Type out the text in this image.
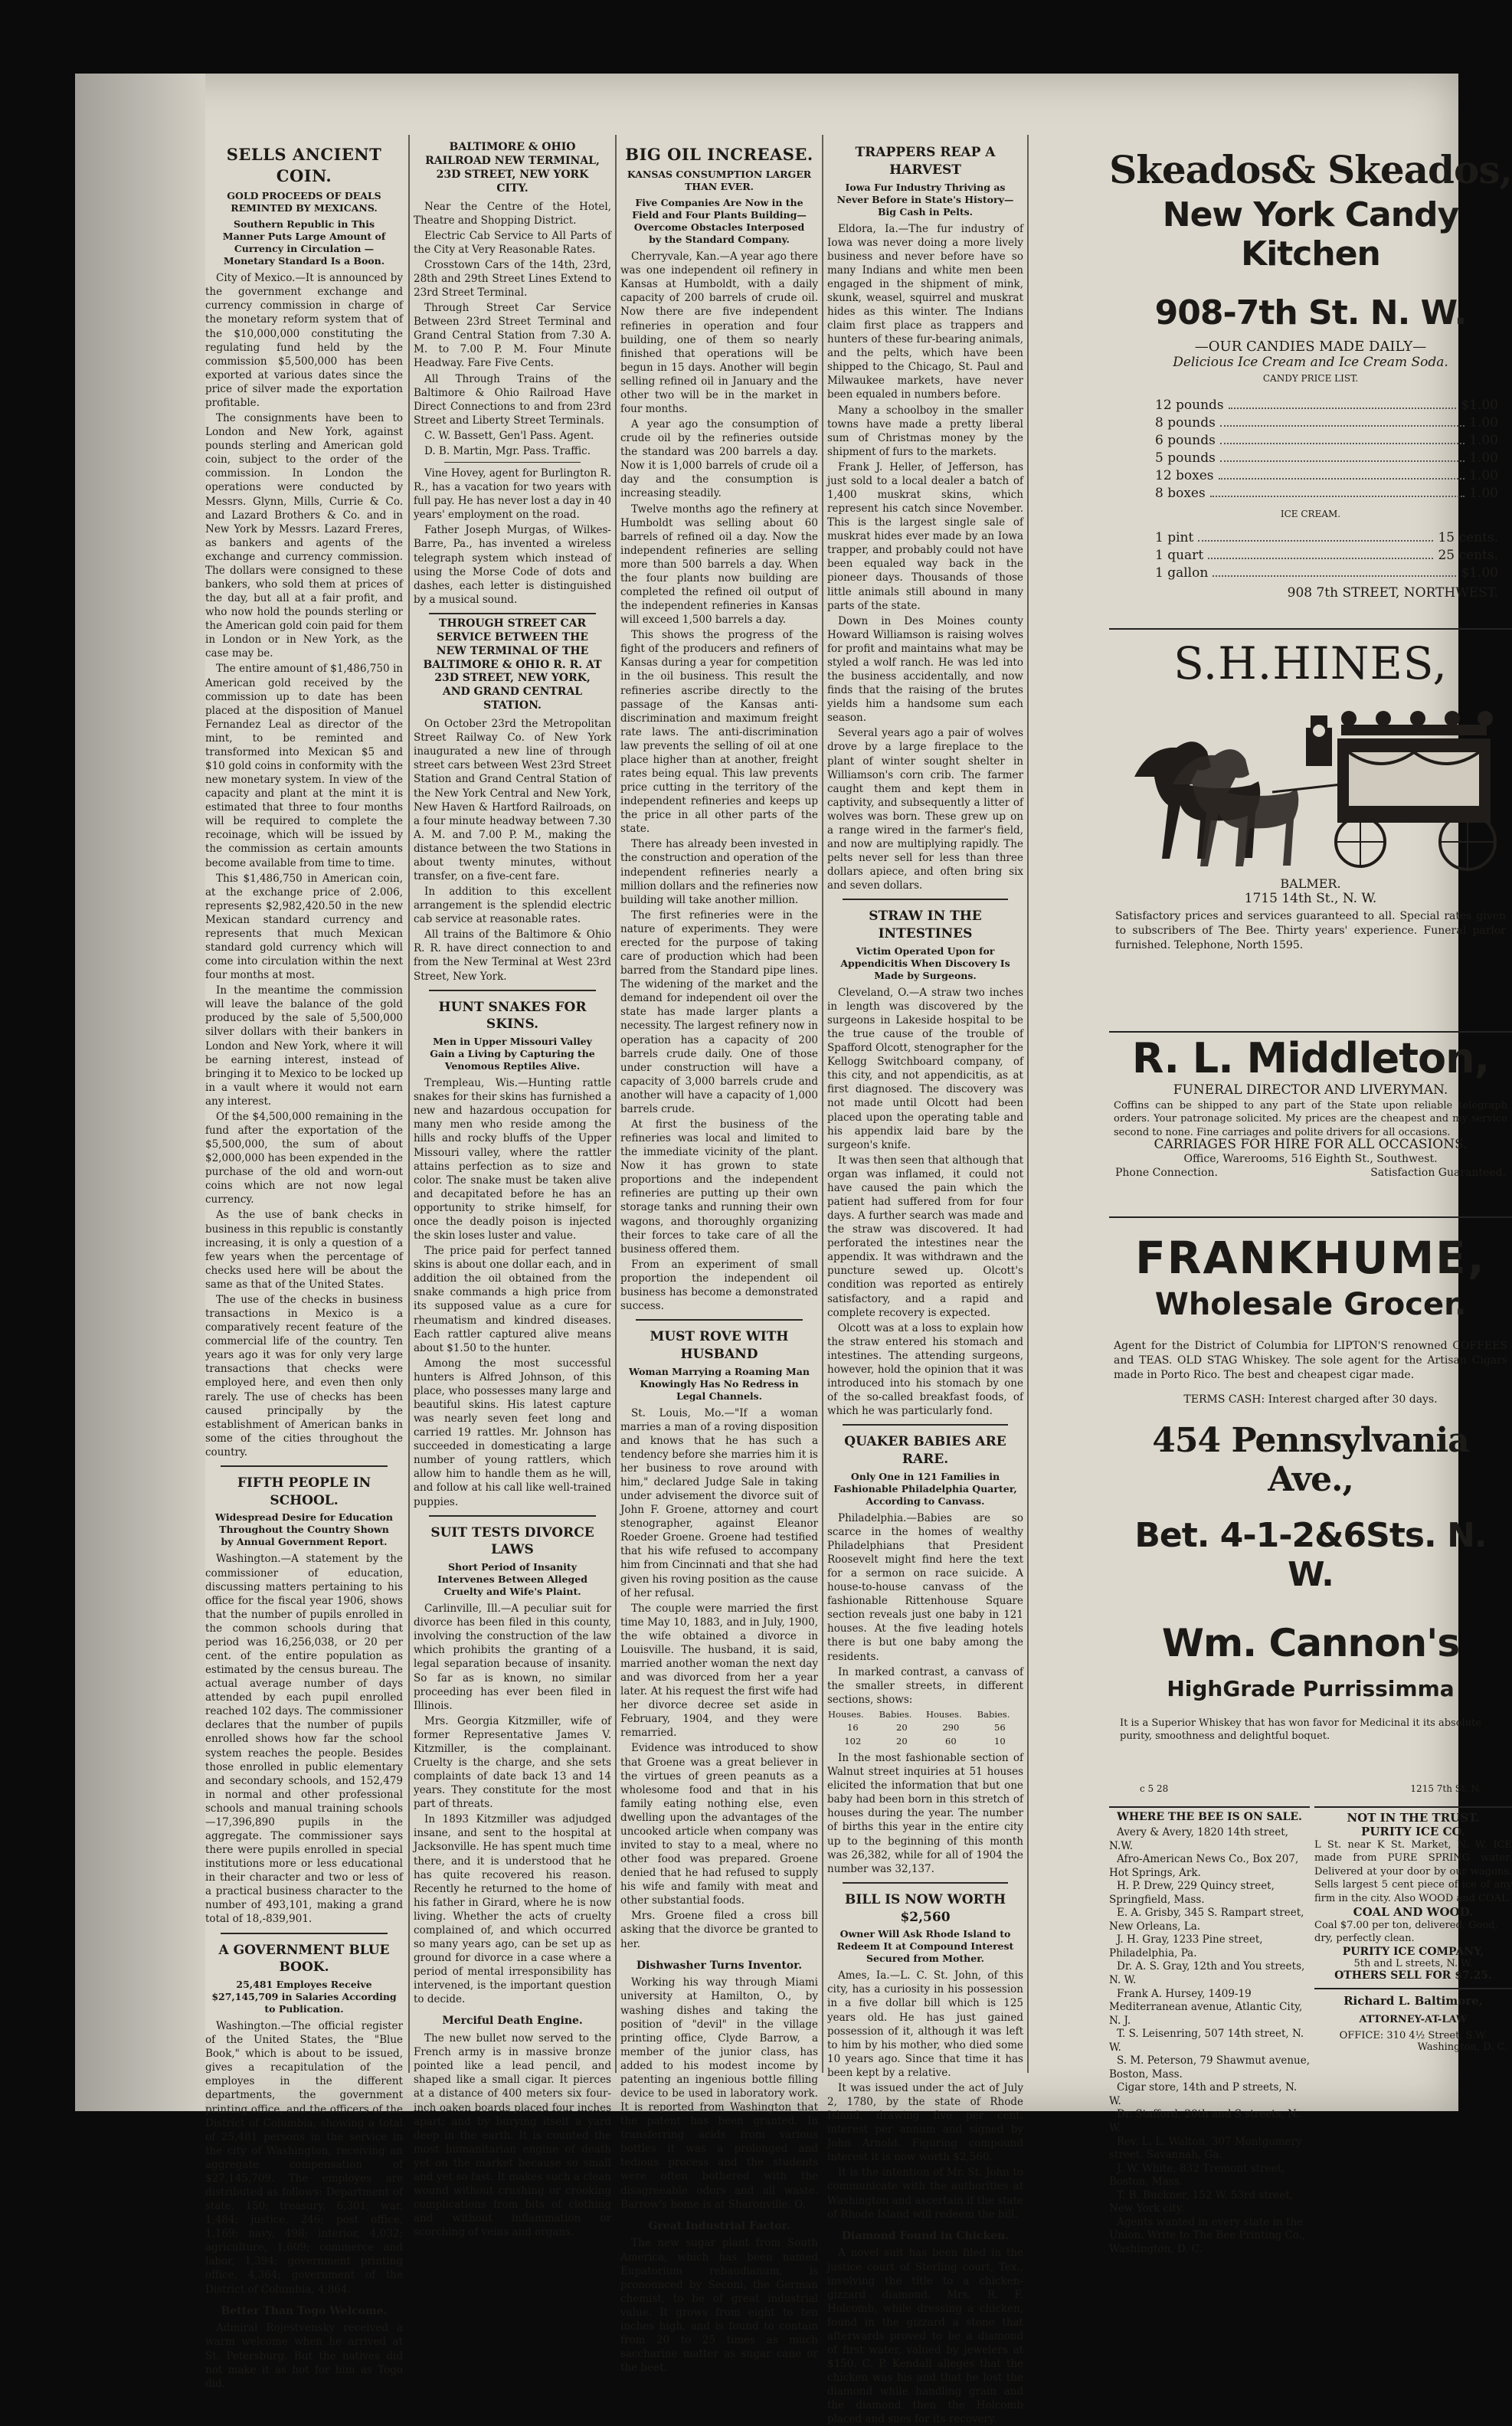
SELLS ANCIENT COIN.
GOLD PROCEEDS OF DEALS REMINTED BY MEXICANS.
Southern Republic in This Manner Puts Large Amount of Currency in Circulation — Monetary Standard Is a Boon.

City of Mexico.—It is announced by the government exchange and currency commission in charge of the monetary reform system that of the $10,000,000 constituting the regulating fund held by the commission $5,500,000 has been exported at various dates since the price of silver made the exportation profitable.

The consignments have been to London and New York, against pounds sterling and American gold coin, subject to the order of the commission. In London the operations were conducted by Messrs. Glynn, Mills, Currie & Co. and Lazard Brothers & Co. and in New York by Messrs. Lazard Freres, as bankers and agents of the exchange and currency commission. The dollars were consigned to these bankers, who sold them at prices of the day, but all at a fair profit, and who now hold the pounds sterling or the American gold coin paid for them in London or in New York, as the case may be.

The entire amount of $1,486,750 in American gold received by the commission up to date has been placed at the disposition of Manuel Fernandez Leal as director of the mint, to be reminted and transformed into Mexican $5 and $10 gold coins in conformity with the new monetary system. In view of the capacity and plant at the mint it is estimated that three to four months will be required to complete the recoinage, which will be issued by the commission as certain amounts become available from time to time.

This $1,486,750 in American coin, at the exchange price of 2.006, represents $2,982,420.50 in the new Mexican standard currency and represents that much Mexican standard gold currency which will come into circulation within the next four months at most.

In the meantime the commission will leave the balance of the gold produced by the sale of 5,500,000 silver dollars with their bankers in London and New York, where it will be earning interest, instead of bringing it to Mexico to be locked up in a vault where it would not earn any interest.

Of the $4,500,000 remaining in the fund after the exportation of the $5,500,000, the sum of about $2,000,000 has been expended in the purchase of the old and worn-out coins which are not now legal currency.

As the use of bank checks in business in this republic is constantly increasing, it is only a question of a few years when the percentage of checks used here will be about the same as that of the United States.

The use of the checks in business transactions in Mexico is a comparatively recent feature of the commercial life of the country. Ten years ago it was for only very large transactions that checks were employed here, and even then only rarely. The use of checks has been caused principally by the establishment of American banks in some of the cities throughout the country.

FIFTH PEOPLE IN SCHOOL.
Widespread Desire for Education Throughout the Country Shown by Annual Government Report.

Washington.—A statement by the commissioner of education, discussing matters pertaining to his office for the fiscal year 1906, shows that the number of pupils enrolled in the common schools during that period was 16,256,038, or 20 per cent. of the entire population as estimated by the census bureau. The actual average number of days attended by each pupil enrolled reached 102 days. The commissioner declares that the number of pupils enrolled shows how far the school system reaches the people. Besides those enrolled in public elementary and secondary schools, and 152,479 in normal and other professional schools and manual training schools —17,396,890 pupils in the aggregate. The commissioner says there were pupils enrolled in special institutions more or less educational in their character and two or less of a practical business character to the number of 493,101, making a grand total of 18,-839,901.

A GOVERNMENT BLUE BOOK.
25,481 Employes Receive $27,145,709 in Salaries According to Publication.

Washington.—The official register of the United States, the "Blue Book," which is about to be issued, gives a recapitulation of the employes in the different departments, the government printing office, and the officers of the District of Columbia, showing a total of 25,481 persons in the service in the city of Washington, receiving an aggregate compensation of $27,145,709. The employes are distributed as follows: Department of state, 150; treasury, 6,301; war, 1,484; justice, 246; post office, 1,169; navy, 498; interior, 4,032; agriculture, 1,609; commerce and labor, 1,394; government printing office, 4,364; government of the District of Columbia, 4,864.

Better Than Togo Welcome.

Admiral Rojestvensky received a warm welcome when he arrived at St. Petersburg. But the natives did not make it as hot for him as Togo did.

BALTIMORE & OHIO RAILROAD NEW TERMINAL, 23D STREET, NEW YORK CITY.

Near the Centre of the Hotel, Theatre and Shopping District.

Electric Cab Service to All Parts of the City at Very Reasonable Rates.

Crosstown Cars of the 14th, 23rd, 28th and 29th Street Lines Extend to 23rd Street Terminal.

Through Street Car Service Between 23rd Street Terminal and Grand Central Station from 7.30 A. M. to 7.00 P. M. Four Minute Headway. Fare Five Cents.

All Through Trains of the Baltimore & Ohio Railroad Have Direct Connections to and from 23rd Street and Liberty Street Terminals.

C. W. Bassett, Gen'l Pass. Agent.

D. B. Martin, Mgr. Pass. Traffic.

Vine Hovey, agent for Burlington R. R., has a vacation for two years with full pay. He has never lost a day in 40 years' employment on the road.

Father Joseph Murgas, of Wilkes-Barre, Pa., has invented a wireless telegraph system which instead of using the Morse Code of dots and dashes, each letter is distinguished by a musical sound.

THROUGH STREET CAR SERVICE BETWEEN THE NEW TERMINAL OF THE BALTIMORE & OHIO R. R. AT 23D STREET, NEW YORK, AND GRAND CENTRAL STATION.

On October 23rd the Metropolitan Street Railway Co. of New York inaugurated a new line of through street cars between West 23rd Street Station and Grand Central Station of the New York Central and New York, New Haven & Hartford Railroads, on a four minute headway between 7.30 A. M. and 7.00 P. M., making the distance between the two Stations in about twenty minutes, without transfer, on a five-cent fare.

In addition to this excellent arrangement is the splendid electric cab service at reasonable rates.

All trains of the Baltimore & Ohio R. R. have direct connection to and from the New Terminal at West 23rd Street, New York.

HUNT SNAKES FOR SKINS.
Men in Upper Missouri Valley Gain a Living by Capturing the Venomous Reptiles Alive.

Trempleau, Wis.—Hunting rattle snakes for their skins has furnished a new and hazardous occupation for many men who reside among the hills and rocky bluffs of the Upper Missouri valley, where the rattler attains perfection as to size and color. The snake must be taken alive and decapitated before he has an opportunity to strike himself, for once the deadly poison is injected the skin loses luster and value.

The price paid for perfect tanned skins is about one dollar each, and in addition the oil obtained from the snake commands a high price from its supposed value as a cure for rheumatism and kindred diseases. Each rattler captured alive means about $1.50 to the hunter.

Among the most successful hunters is Alfred Johnson, of this place, who possesses many large and beautiful skins. His latest capture was nearly seven feet long and carried 19 rattles. Mr. Johnson has succeeded in domesticating a large number of young rattlers, which allow him to handle them as he will, and follow at his call like well-trained puppies.

SUIT TESTS DIVORCE LAWS
Short Period of Insanity Intervenes Between Alleged Cruelty and Wife's Plaint.

Carlinville, Ill.—A peculiar suit for divorce has been filed in this county, involving the construction of the law which prohibits the granting of a legal separation because of insanity. So far as is known, no similar proceeding has ever been filed in Illinois.

Mrs. Georgia Kitzmiller, wife of former Representative James V. Kitzmiller, is the complainant. Cruelty is the charge, and she sets complaints of date back 13 and 14 years. They constitute for the most part of threats.

In 1893 Kitzmiller was adjudged insane, and sent to the hospital at Jacksonville. He has spent much time there, and it is understood that he has quite recovered his reason. Recently he returned to the home of his father in Girard, where he is now living. Whether the acts of cruelty complained of, and which occurred so many years ago, can be set up as ground for divorce in a case where a period of mental irresponsibility has intervened, is the important question to decide.

Merciful Death Engine.

The new bullet now served to the French army is in massive bronze pointed like a lead pencil, and shaped like a small cigar. It pierces at a distance of 400 meters six four-inch oaken boards placed four inches apart; and by burying itself a yard deep in the earth. It is counted the most humanitarian engine of death yet on the market because so small and yet so fast. It makes such a clean wound without crushing or crooking complications from bits of clothing and without inflammation or scorching of veins and organs.

BIG OIL INCREASE.
KANSAS CONSUMPTION LARGER THAN EVER.
Five Companies Are Now in the Field and Four Plants Building—Overcome Obstacles Interposed by the Standard Company.

Cherryvale, Kan.—A year ago there was one independent oil refinery in Kansas at Humboldt, with a daily capacity of 200 barrels of crude oil. Now there are five independent refineries in operation and four building, one of them so nearly finished that operations will be begun in 15 days. Another will begin selling refined oil in January and the other two will be in the market in four months.

A year ago the consumption of crude oil by the refineries outside the standard was 200 barrels a day. Now it is 1,000 barrels of crude oil a day and the consumption is increasing steadily.

Twelve months ago the refinery at Humboldt was selling about 60 barrels of refined oil a day. Now the independent refineries are selling more than 500 barrels a day. When the four plants now building are completed the refined oil output of the independent refineries in Kansas will exceed 1,500 barrels a day.

This shows the progress of the fight of the producers and refiners of Kansas during a year for competition in the oil business. This result the refineries ascribe directly to the passage of the Kansas anti-discrimination and maximum freight rate laws. The anti-discrimination law prevents the selling of oil at one place higher than at another, freight rates being equal. This law prevents price cutting in the territory of the independent refineries and keeps up the price in all other parts of the state.

There has already been invested in the construction and operation of the independent refineries nearly a million dollars and the refineries now building will take another million.

The first refineries were in the nature of experiments. They were erected for the purpose of taking care of production which had been barred from the Standard pipe lines. The widening of the market and the demand for independent oil over the state has made larger plants a necessity. The largest refinery now in operation has a capacity of 200 barrels crude daily. One of those under construction will have a capacity of 3,000 barrels crude and another will have a capacity of 1,000 barrels crude.

At first the business of the refineries was local and limited to the immediate vicinity of the plant. Now it has grown to state proportions and the independent refineries are putting up their own storage tanks and running their own wagons, and thoroughly organizing their forces to take care of all the business offered them.

From an experiment of small proportion the independent oil business has become a demonstrated success.

MUST ROVE WITH HUSBAND
Woman Marrying a Roaming Man Knowingly Has No Redress in Legal Channels.

St. Louis, Mo.—"If a woman marries a man of a roving disposition and knows that he has such a tendency before she marries him it is her business to rove around with him," declared Judge Sale in taking under advisement the divorce suit of John F. Groene, attorney and court stenographer, against Eleanor Roeder Groene. Groene had testified that his wife refused to accompany him from Cincinnati and that she had given his roving position as the cause of her refusal.

The couple were married the first time May 10, 1883, and in July, 1900, the wife obtained a divorce in Louisville. The husband, it is said, married another woman the next day and was divorced from her a year later. At his request the first wife had her divorce decree set aside in February, 1904, and they were remarried.

Evidence was introduced to show that Groene was a great believer in the virtues of green peanuts as a wholesome food and that in his family eating nothing else, even dwelling upon the advantages of the uncooked article when company was invited to stay to a meal, where no other food was prepared. Groene denied that he had refused to supply his wife and family with meat and other substantial foods.

Mrs. Groene filed a cross bill asking that the divorce be granted to her.

Dishwasher Turns Inventor.

Working his way through Miami university at Hamilton, O., by washing dishes and taking the position of "devil" in the village printing office, Clyde Barrow, a member of the junior class, has added to his modest income by patenting an ingenious bottle filling device to be used in laboratory work. It is reported from Washington that the patent has been granted. In transferring acids from various bottles it was a prolonged and tedious process and the students were often bothered with the disagreeable odors and all waste. Barrow's home is at Sharonville, O.

Great Industrial Factor.

The new sugar plant from South America, which has been named Eupatorium rebaudianum, is pronounced by Seconi, the German chemist, to be of great industrial value. It grows from eight to ten inches high, and is found to contain from 20 to 25 times as much saccharine matter as sugar cane or the beet.

TRAPPERS REAP A HARVEST
Iowa Fur Industry Thriving as Never Before in State's History—Big Cash in Pelts.

Eldora, Ia.—The fur industry of Iowa was never doing a more lively business and never before have so many Indians and white men been engaged in the shipment of mink, skunk, weasel, squirrel and muskrat hides as this winter. The Indians claim first place as trappers and hunters of these fur-bearing animals, and the pelts, which have been shipped to the Chicago, St. Paul and Milwaukee markets, have never been equaled in numbers before.

Many a schoolboy in the smaller towns have made a pretty liberal sum of Christmas money by the shipment of furs to the markets.

Frank J. Heller, of Jefferson, has just sold to a local dealer a batch of 1,400 muskrat skins, which represent his catch since November. This is the largest single sale of muskrat hides ever made by an Iowa trapper, and probably could not have been equaled way back in the pioneer days. Thousands of those little animals still abound in many parts of the state.

Down in Des Moines county Howard Williamson is raising wolves for profit and maintains what may be styled a wolf ranch. He was led into the business accidentally, and now finds that the raising of the brutes yields him a handsome sum each season.

Several years ago a pair of wolves drove by a large fireplace to the plant of winter sought shelter in Williamson's corn crib. The farmer caught them and kept them in captivity, and subsequently a litter of wolves was born. These grew up on a range wired in the farmer's field, and now are multiplying rapidly. The pelts never sell for less than three dollars apiece, and often bring six and seven dollars.

STRAW IN THE INTESTINES
Victim Operated Upon for Appendicitis When Discovery Is Made by Surgeons.

Cleveland, O.—A straw two inches in length was discovered by the surgeons in Lakeside hospital to be the true cause of the trouble of Spafford Olcott, stenographer for the Kellogg Switchboard company, of this city, and not appendicitis, as at first diagnosed. The discovery was not made until Olcott had been placed upon the operating table and his appendix laid bare by the surgeon's knife.

It was then seen that although that organ was inflamed, it could not have caused the pain which the patient had suffered from for four days. A further search was made and the straw was discovered. It had perforated the intestines near the appendix. It was withdrawn and the puncture sewed up. Olcott's condition was reported as entirely satisfactory, and a rapid and complete recovery is expected.

Olcott was at a loss to explain how the straw entered his stomach and intestines. The attending surgeons, however, hold the opinion that it was introduced into his stomach by one of the so-called breakfast foods, of which he was particularly fond.

QUAKER BABIES ARE RARE.
Only One in 121 Families in Fashionable Philadelphia Quarter, According to Canvass.

Philadelphia.—Babies are so scarce in the homes of wealthy Philadelphians that President Roosevelt might find here the text for a sermon on race suicide. A house-to-house canvass of the fashionable Rittenhouse Square section reveals just one baby in 121 houses. At the five leading hotels there is but one baby among the residents.

In marked contrast, a canvass of the smaller streets, in different sections, shows:

Houses.	Babies.	Houses.	Babies.
16	20	290	56
102	20	60	10

In the most fashionable section of Walnut street inquiries at 51 houses elicited the information that but one baby had been born in this stretch of houses during the year. The number of births this year in the entire city up to the beginning of this month was 26,382, while for all of 1904 the number was 32,137.

BILL IS NOW WORTH $2,560
Owner Will Ask Rhode Island to Redeem It at Compound Interest Secured from Mother.

Ames, Ia.—L. C. St. John, of this city, has a curiosity in his possession in a five dollar bill which is 125 years old. He has just gained possession of it, although it was left to him by his mother, who died some 10 years ago. Since that time it has been kept by a relative.

It was issued under the act of July 2, 1780, by the state of Rhode Island, drawing five per cent. interest per annum and signed by John Arnold. Figuring compound interest it is now worth $2,560.

It is the intention of Mr. St. John to communicate with the authorities at Washington and ascertain if the state of Rhode Island will redeem the bill.

Diamond Found in Chicken.

A novel suit has been filed in the justice court of Sterling court, Tex., involving the title to a chicken-gizzard diamond. Mrs. R. F. Holcomb, while dressing a chicken, found in the gizzard a stone that afterwards proved to be a diamond of first water, valued by jewelers at $150. C. P. Kendall alleges that the chicken was his and that he lost the diamond while handling grain and the diamond then the Holcomb placed and sues for its recovery.

Skeados& Skeados,
New York Candy Kitchen
908-7th St. N. W.
—OUR CANDIES MADE DAILY—
Delicious Ice Cream and Ice Cream Soda.
CANDY PRICE LIST.
12 pounds	$1.00
8 pounds	1.00
6 pounds	1.00
5 pounds	1.00
12 boxes	1.00
8 boxes	1.00
ICE CREAM.
1 pint	15 cents.
1 quart	25 cents.
1 gallon	$1.00
908 7th STREET, NORTHWEST.
S.H.HINES,
BALMER.
1715 14th St., N. W.
Satisfactory prices and services guaranteed to all. Special rates given to subscribers of The Bee. Thirty years' experience. Funeral parlor furnished. Telephone, North 1595.
R. L. Middleton,
FUNERAL DIRECTOR AND LIVERYMAN.
Coffins can be shipped to any part of the State upon reliable telegraph orders. Your patronage solicited. My prices are the cheapest and my service second to none. Fine carriages and polite drivers for all occasions.
CARRIAGES FOR HIRE FOR ALL OCCASIONS.
Office, Warerooms, 516 Eighth St., Southwest.
Phone Connection.	Satisfaction Guaranteed.
FRANKHUME,
Wholesale Grocer.
Agent for the District of Columbia for LIPTON'S renowned COFFEES and TEAS. OLD STAG Whiskey. The sole agent for the Artisan Cigars made in Porto Rico. The best and cheapest cigar made.
TERMS CASH: Interest charged after 30 days.
454 Pennsylvania Ave.,
Bet. 4-1-2&6Sts. N. W.
Wm. Cannon's
HighGrade Purrissimma
It is a Superior Whiskey that has won favor for Medicinal it its absolute purity, smoothness and delightful boquet.
c 5 28	1215 7th St. N.
WHERE THE BEE IS ON SALE.

Avery & Avery, 1820 14th street, N.W.

Afro-American News Co., Box 207, Hot Springs, Ark.

H. P. Drew, 229 Quincy street, Springfield, Mass.

E. A. Grisby, 345 S. Rampart street, New Orleans, La.

J. H. Gray, 1233 Pine street, Philadelphia, Pa.

Dr. A. S. Gray, 12th and You streets, N. W.

Frank A. Hursey, 1409-19 Mediterranean avenue, Atlantic City, N. J.

T. S. Leisenring, 507 14th street, N. W.

S. M. Peterson, 79 Shawmut avenue, Boston, Mass.

Cigar store, 14th and P streets, N. W.

Dr. Stafford, 20th and S streets, N. W.

Rev. L. L. Walton, 307 Montgomery street, Savannah, Ga.

J. W. White, 832 Tremont street, Boston, Mass.

T. B. Buckner, 152 W. 53rd street, New York city.

Agents wanted in every state in the Union. Write to The Bee Printing Co., Washington, D. C.

NOT IN THE TRUST.
PURITY ICE CO.
L St. near K St. Market, N. W. ICE made from PURE SPRING water. Delivered at your door by our wagons. Sells largest 5 cent piece of ice of any firm in the city. Also WOOD and COAL.
COAL AND WOOD.
Coal $7.00 per ton, delivered. Good, dry, perfectly clean.
PURITY ICE COMPANY,
5th and L streets, N. W.
OTHERS SELL FOR $7.25.
Richard L. Baltimore,
ATTORNEY-AT-LAW
OFFICE: 310 4½ Street, S.W.
Washington, D. C.
